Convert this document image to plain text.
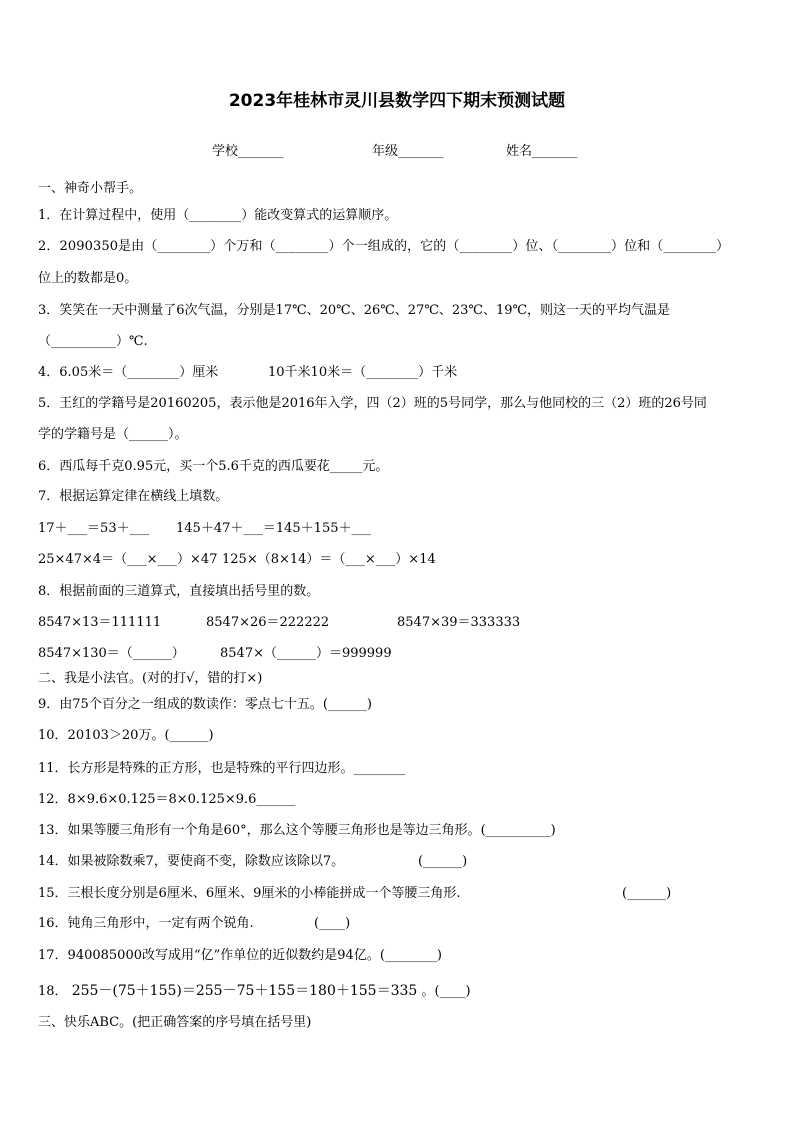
2023年桂林市灵川县数学四下期末预测试题
学校_______	年级_______	姓名_______
一、神奇小帮手。
1．在计算过程中，使用（________）能改变算式的运算顺序。
2．2090350是由（________）个万和（________）个一组成的，它的（________）位、（________）位和（________）
位上的数都是0。
3．笑笑在一天中测量了6次气温，分别是17℃、20℃、26℃、27℃、23℃、19℃，则这一天的平均气温是
（__________）℃.
4．6.05米＝（________）厘米	10千米10米＝（________）千米
5．王红的学籍号是20160205，表示他是2016年入学，四（2）班的5号同学，那么与他同校的三（2）班的26号同
学的学籍号是（______）。
6．西瓜每千克0.95元，买一个5.6千克的西瓜要花_____元。
7．根据运算定律在横线上填数。
17＋___＝53＋___ 145＋47＋___＝145＋155＋___
25×47×4＝（___×___）×47 125×（8×14）＝（___×___）×14
8．根据前面的三道算式，直接填出括号里的数。
8547×13＝111111	8547×26＝222222	8547×39＝333333
8547×130＝（______）	8547×（______）＝999999
二、我是小法官。(对的打√，错的打×)
9．由75个百分之一组成的数读作：零点七十五。(______)
10．20103＞20万。(______)
11．长方形是特殊的正方形，也是特殊的平行四边形。________
12．8×9.6×0.125＝8×0.125×9.6______
13．如果等腰三角形有一个角是60°，那么这个等腰三角形也是等边三角形。(__________)
14．如果被除数乘7，要使商不变，除数应该除以7。	(______)
15．三根长度分别是6厘米、6厘米、9厘米的小棒能拼成一个等腰三角形.	(______)
16．钝角三角形中，一定有两个锐角.	(____)
17．940085000改写成用“亿”作单位的近似数约是94亿。(________)
18． 255－(75＋155)＝255－75＋155＝180＋155＝335 。(____)
三、快乐ABC。(把正确答案的序号填在括号里)
